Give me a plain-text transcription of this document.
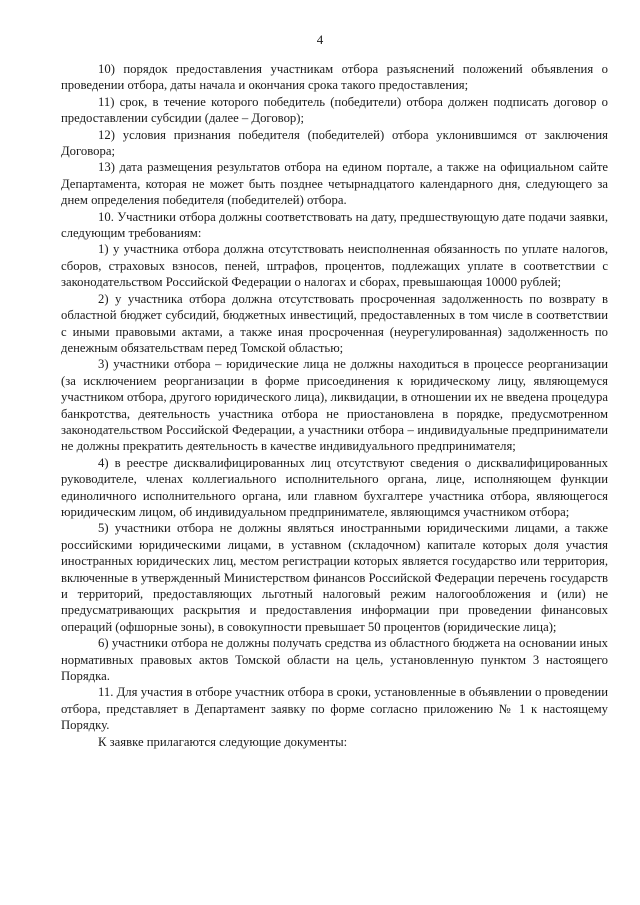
4

10) порядок предоставления участникам отбора разъяснений положений объявления о проведении отбора, даты начала и окончания срока такого предоставления;

11) срок, в течение которого победитель (победители) отбора должен подписать договор о предоставлении субсидии (далее – Договор);

12) условия признания победителя (победителей) отбора уклонившимся от заключения Договора;

13) дата размещения результатов отбора на едином портале, а также на официальном сайте Департамента, которая не может быть позднее четырнадцатого календарного дня, следующего за днем определения победителя (победителей) отбора.

10. Участники отбора должны соответствовать на дату, предшествующую дате подачи заявки, следующим требованиям:

1) у участника отбора должна отсутствовать неисполненная обязанность по уплате налогов, сборов, страховых взносов, пеней, штрафов, процентов, подлежащих уплате в соответствии с законодательством Российской Федерации о налогах и сборах, превышающая 10000 рублей;

2) у участника отбора должна отсутствовать просроченная задолженность по возврату в областной бюджет субсидий, бюджетных инвестиций, предоставленных в том числе в соответствии с иными правовыми актами, а также иная просроченная (неурегулированная) задолженность по денежным обязательствам перед Томской областью;

3) участники отбора – юридические лица не должны находиться в процессе реорганизации (за исключением реорганизации в форме присоединения к юридическому лицу, являющемуся участником отбора, другого юридического лица), ликвидации, в отношении их не введена процедура банкротства, деятельность участника отбора не приостановлена в порядке, предусмотренном законодательством Российской Федерации, а участники отбора – индивидуальные предприниматели не должны прекратить деятельность в качестве индивидуального предпринимателя;

4) в реестре дисквалифицированных лиц отсутствуют сведения о дисквалифицированных руководителе, членах коллегиального исполнительного органа, лице, исполняющем функции единоличного исполнительного органа, или главном бухгалтере участника отбора, являющегося юридическим лицом, об индивидуальном предпринимателе, являющимся участником отбора;

5) участники отбора не должны являться иностранными юридическими лицами, а также российскими юридическими лицами, в уставном (складочном) капитале которых доля участия иностранных юридических лиц, местом регистрации которых является государство или территория, включенные в утвержденный Министерством финансов Российской Федерации перечень государств и территорий, предоставляющих льготный налоговый режим налогообложения и (или) не предусматривающих раскрытия и предоставления информации при проведении финансовых операций (офшорные зоны), в совокупности превышает 50 процентов (юридические лица);

6) участники отбора не должны получать средства из областного бюджета на основании иных нормативных правовых актов Томской области на цель, установленную пунктом 3 настоящего Порядка.

11. Для участия в отборе участник отбора в сроки, установленные в объявлении о проведении отбора, представляет в Департамент заявку по форме согласно приложению № 1 к настоящему Порядку.

К заявке прилагаются следующие документы:
